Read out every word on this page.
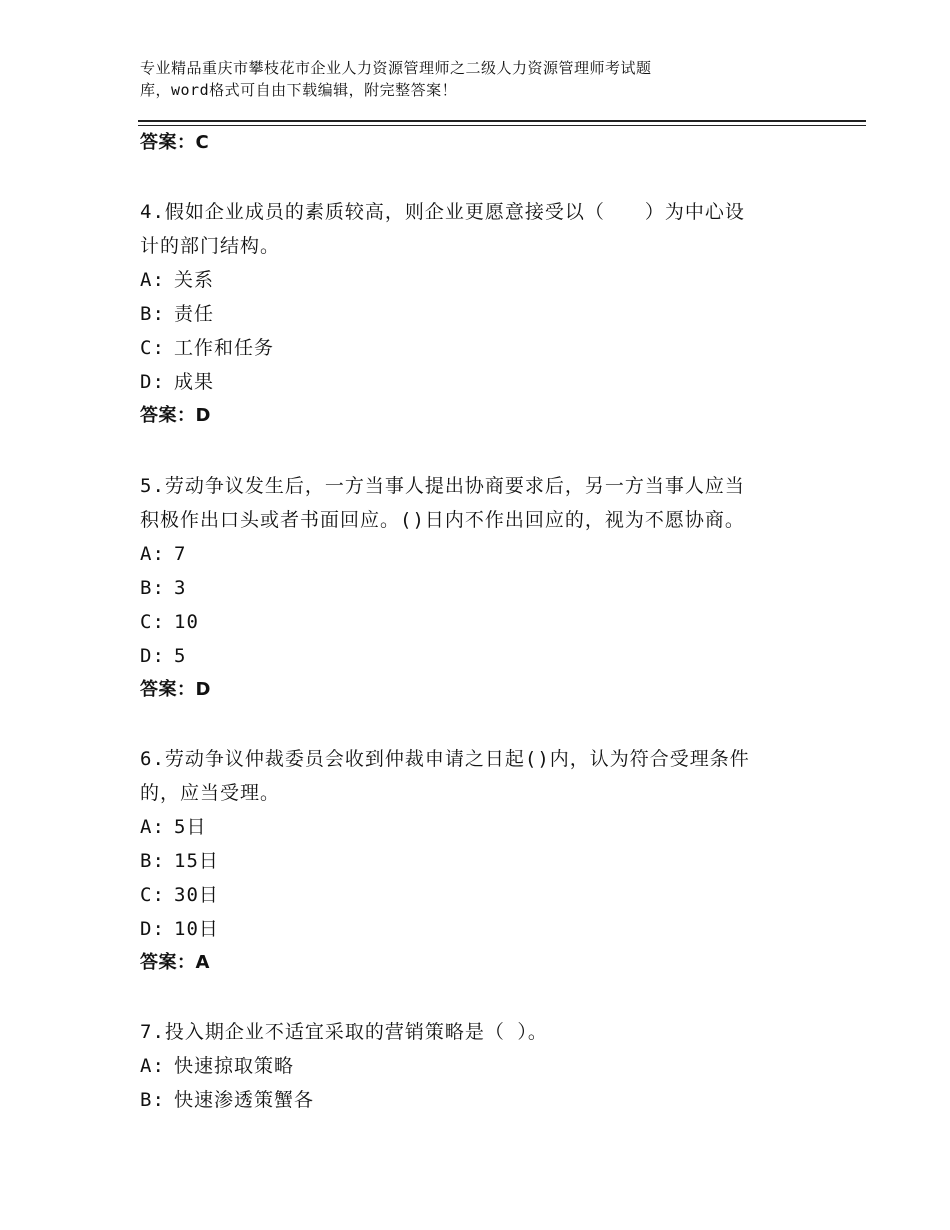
专业精品重庆市攀枝花市企业人力资源管理师之二级人力资源管理师考试题
库，word格式可自由下载编辑，附完整答案！
答案：C
4.假如企业成员的素质较高，则企业更愿意接受以（　　）为中心设
计的部门结构。
A: 关系
B: 责任
C: 工作和任务
D: 成果
答案：D
5.劳动争议发生后，一方当事人提出协商要求后，另一方当事人应当
积极作出口头或者书面回应。()日内不作出回应的，视为不愿协商。
A: 7
B: 3
C: 10
D: 5
答案：D
6.劳动争议仲裁委员会收到仲裁申请之日起()内，认为符合受理条件
的，应当受理。
A: 5日
B: 15日
C: 30日
D: 10日
答案：A
7.投入期企业不适宜采取的营销策略是（ ）。
A: 快速掠取策略
B: 快速渗透策蟹各
